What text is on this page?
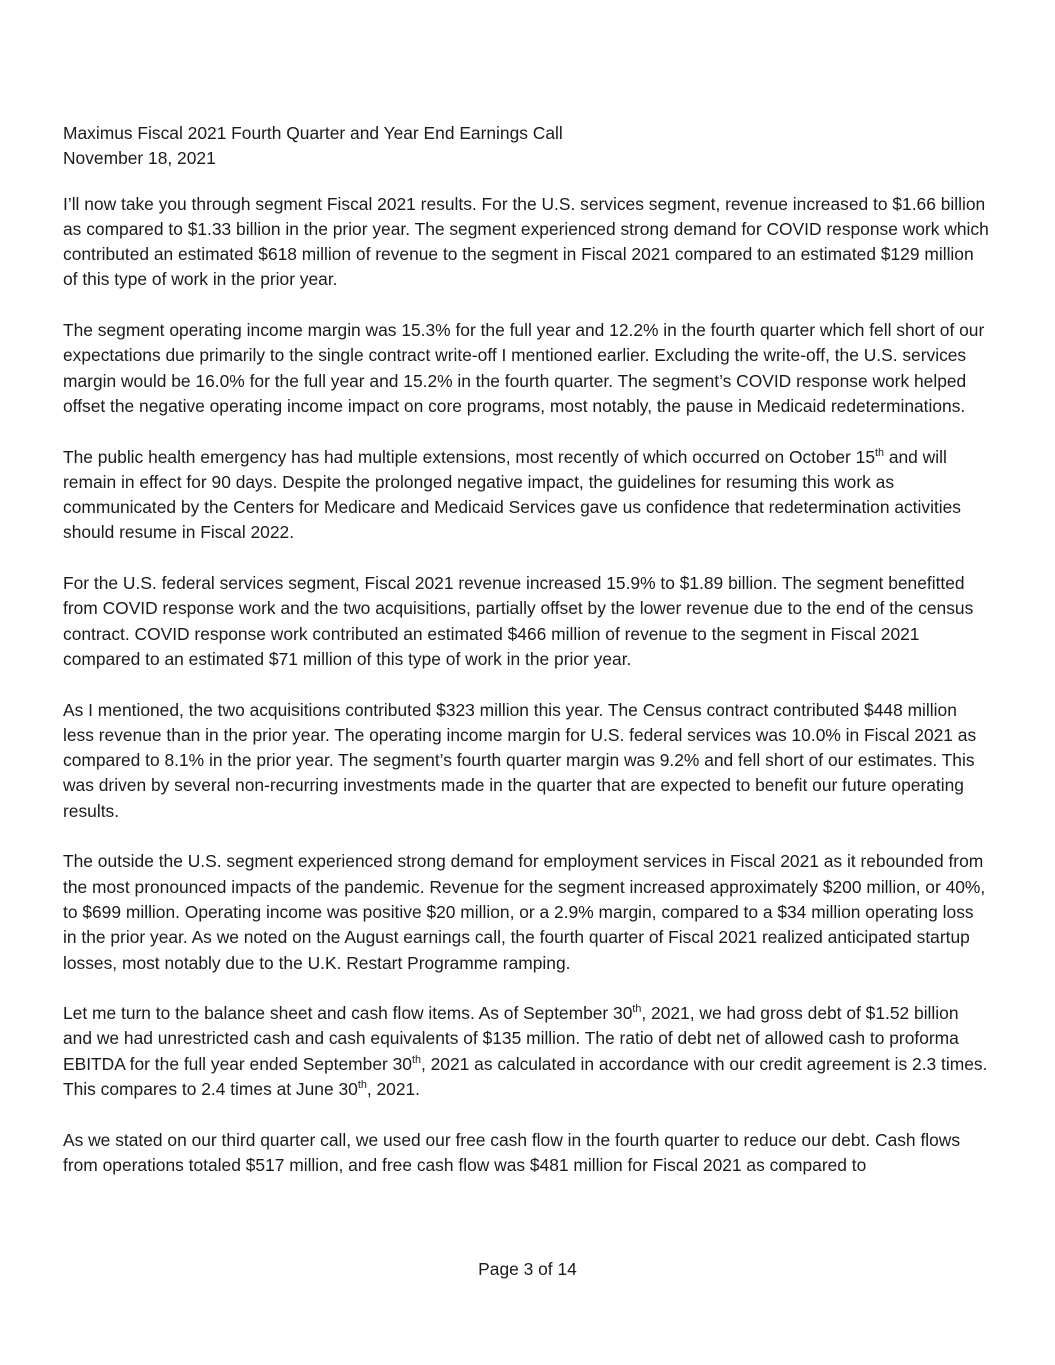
Maximus Fiscal 2021 Fourth Quarter and Year End Earnings Call
November 18, 2021

I’ll now take you through segment Fiscal 2021 results. For the U.S. services segment, revenue increased to $1.66 billion as compared to $1.33 billion in the prior year. The segment experienced strong demand for COVID response work which contributed an estimated $618 million of revenue to the segment in Fiscal 2021 compared to an estimated $129 million of this type of work in the prior year.

The segment operating income margin was 15.3% for the full year and 12.2% in the fourth quarter which fell short of our expectations due primarily to the single contract write-off I mentioned earlier. Excluding the write-off, the U.S. services margin would be 16.0% for the full year and 15.2% in the fourth quarter. The segment’s COVID response work helped offset the negative operating income impact on core programs, most notably, the pause in Medicaid redeterminations.

The public health emergency has had multiple extensions, most recently of which occurred on October 15th and will remain in effect for 90 days. Despite the prolonged negative impact, the guidelines for resuming this work as communicated by the Centers for Medicare and Medicaid Services gave us confidence that redetermination activities should resume in Fiscal 2022.

For the U.S. federal services segment, Fiscal 2021 revenue increased 15.9% to $1.89 billion. The segment benefitted from COVID response work and the two acquisitions, partially offset by the lower revenue due to the end of the census contract. COVID response work contributed an estimated $466 million of revenue to the segment in Fiscal 2021 compared to an estimated $71 million of this type of work in the prior year.

As I mentioned, the two acquisitions contributed $323 million this year. The Census contract contributed $448 million less revenue than in the prior year. The operating income margin for U.S. federal services was 10.0% in Fiscal 2021 as compared to 8.1% in the prior year. The segment’s fourth quarter margin was 9.2% and fell short of our estimates. This was driven by several non-recurring investments made in the quarter that are expected to benefit our future operating results.

The outside the U.S. segment experienced strong demand for employment services in Fiscal 2021 as it rebounded from the most pronounced impacts of the pandemic. Revenue for the segment increased approximately $200 million, or 40%, to $699 million. Operating income was positive $20 million, or a 2.9% margin, compared to a $34 million operating loss in the prior year. As we noted on the August earnings call, the fourth quarter of Fiscal 2021 realized anticipated startup losses, most notably due to the U.K. Restart Programme ramping.

Let me turn to the balance sheet and cash flow items. As of September 30th, 2021, we had gross debt of $1.52 billion and we had unrestricted cash and cash equivalents of $135 million. The ratio of debt net of allowed cash to proforma EBITDA for the full year ended September 30th, 2021 as calculated in accordance with our credit agreement is 2.3 times. This compares to 2.4 times at June 30th, 2021.

As we stated on our third quarter call, we used our free cash flow in the fourth quarter to reduce our debt. Cash flows from operations totaled $517 million, and free cash flow was $481 million for Fiscal 2021 as compared to

Page 3 of 14
